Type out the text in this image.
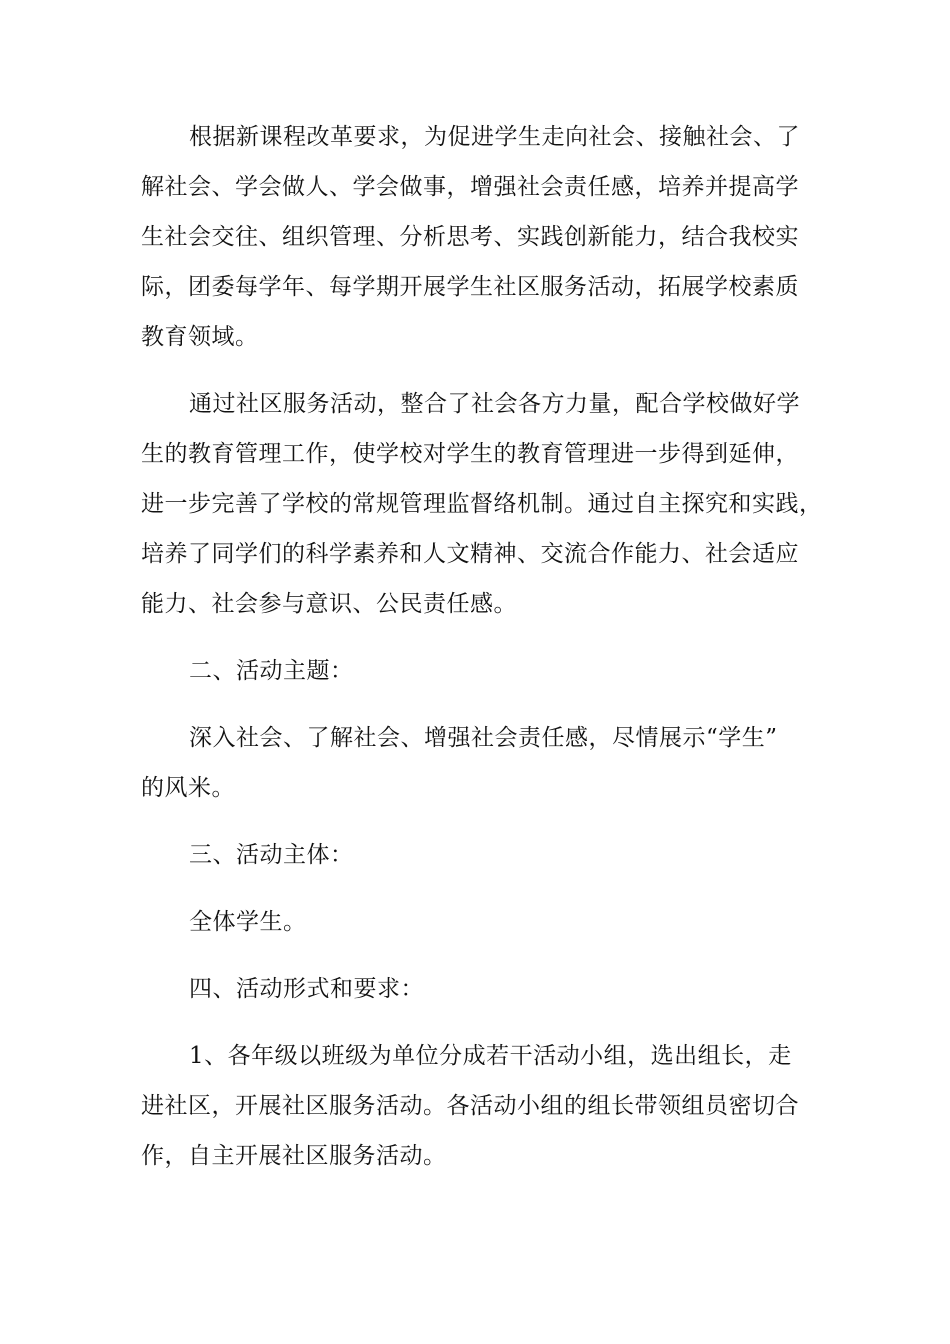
根据新课程改革要求，为促进学生走向社会、接触社会、了
解社会、学会做人、学会做事，增强社会责任感，培养并提高学
生社会交往、组织管理、分析思考、实践创新能力，结合我校实
际，团委每学年、每学期开展学生社区服务活动，拓展学校素质
教育领域。
通过社区服务活动，整合了社会各方力量，配合学校做好学
生的教育管理工作，使学校对学生的教育管理进一步得到延伸，
进一步完善了学校的常规管理监督络机制。通过自主探究和实践，
培养了同学们的科学素养和人文精神、交流合作能力、社会适应
能力、社会参与意识、公民责任感。
二、活动主题：
深入社会、了解社会、增强社会责任感，尽情展示“学生”
的风米。
三、活动主体：
全体学生。
四、活动形式和要求：
1、各年级以班级为单位分成若干活动小组，选出组长，走
进社区，开展社区服务活动。各活动小组的组长带领组员密切合
作，自主开展社区服务活动。
